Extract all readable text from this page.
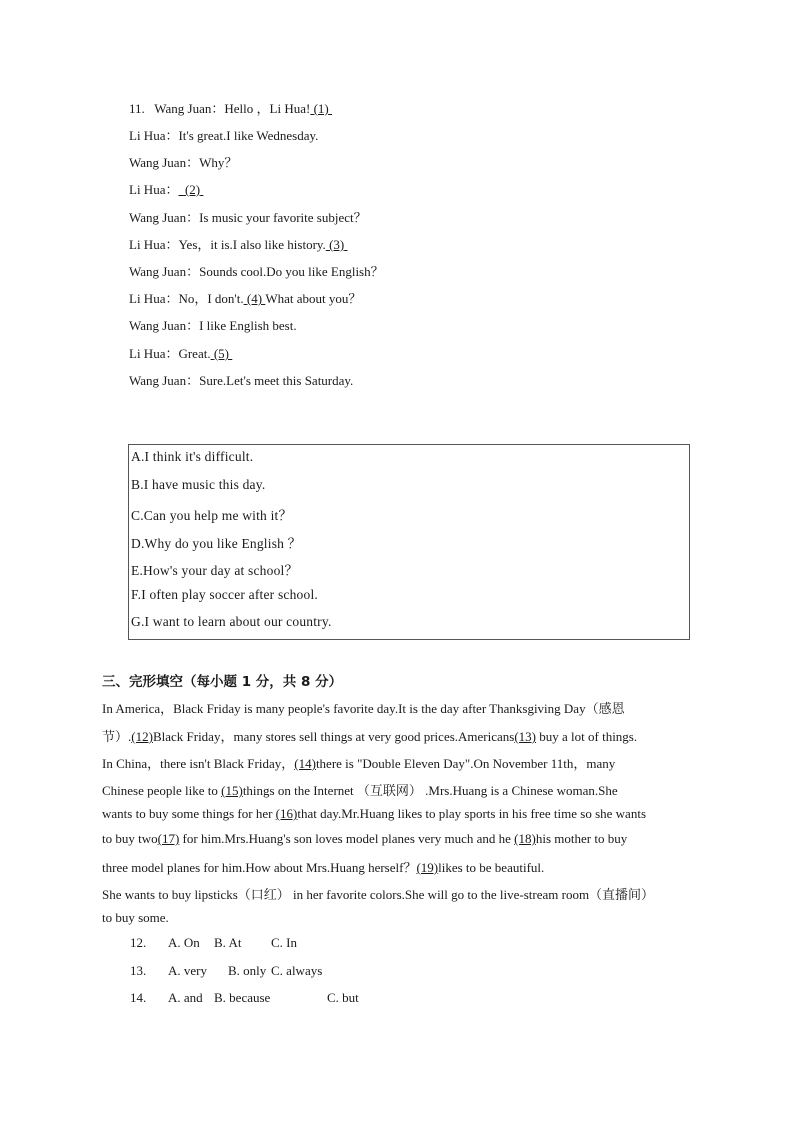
11. Wang Juan：Hello ，Li Hua! (1)
Li Hua：It's great.I like Wednesday.
Wang Juan：Why？
Li Hua： (2)
Wang Juan：Is music your favorite subject？
Li Hua：Yes，it is.I also like history. (3)
Wang Juan：Sounds cool.Do you like English？
Li Hua：No，I don't. (4) What about you？
Wang Juan：I like English best.
Li Hua：Great. (5)
Wang Juan：Sure.Let's meet this Saturday.
A.I think it's difficult.
B.I have music this day.
C.Can you help me with it？
D.Why do you like English ？
E.How's your day at school？
F.I often play soccer after school.
G.I want to learn about our country.
三、完形填空（每小题 1 分，共 8 分）
In America，Black Friday is many people's favorite day.It is the day after Thanksgiving Day（感恩
节）.(12)Black Friday，many stores sell things at very good prices.Americans(13) buy a lot of things.
In China，there isn't Black Friday，(14)there is "Double Eleven Day".On November 11th，many
Chinese people like to (15)things on the Internet （互联网） .Mrs.Huang is a Chinese woman.She
wants to buy some things for her (16)that day.Mr.Huang likes to play sports in his free time so she wants
to buy two(17) for him.Mrs.Huang's son loves model planes very much and he (18)his mother to buy
three model planes for him.How about Mrs.Huang herself？(19)likes to be beautiful.
She wants to buy lipsticks（口红） in her favorite colors.She will go to the live-stream room（直播间）
to buy some.
12. A. On B. At C. In
13. A. very B. only C. always
14. A. and B. because	C. but
